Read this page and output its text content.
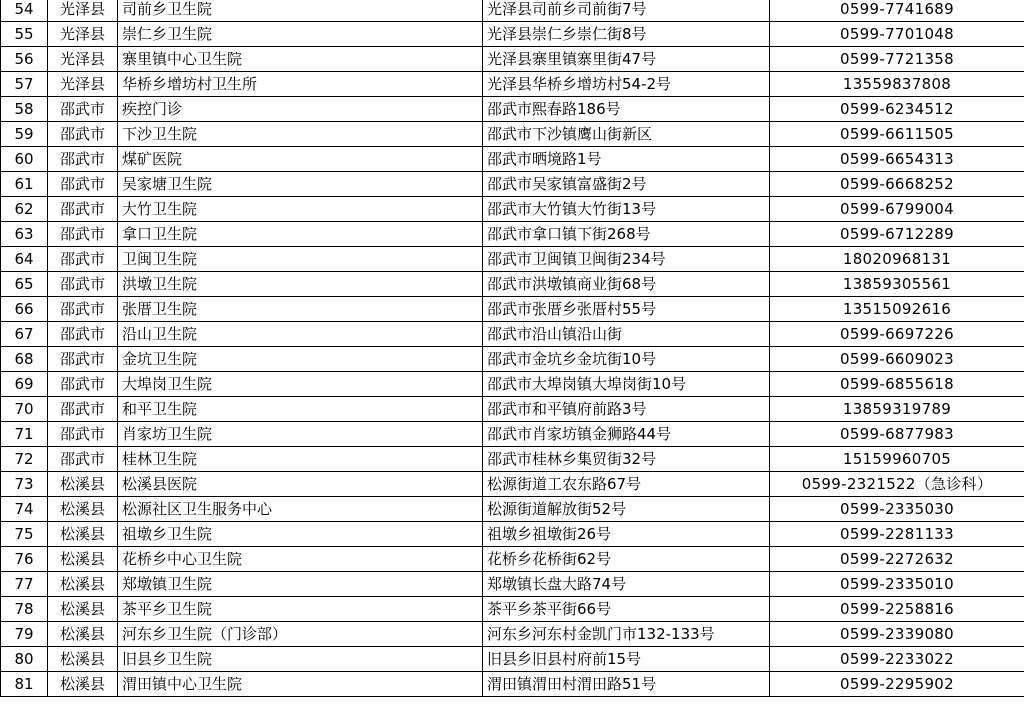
54	光泽县	司前乡卫生院	光泽县司前乡司前街7号	0599-7741689
55	光泽县	崇仁乡卫生院	光泽县崇仁乡崇仁街8号	0599-7701048
56	光泽县	寨里镇中心卫生院	光泽县寨里镇寨里街47号	0599-7721358
57	光泽县	华桥乡增坊村卫生所	光泽县华桥乡增坊村54-2号	13559837808
58	邵武市	疾控门诊	邵武市熙春路186号	0599-6234512
59	邵武市	下沙卫生院	邵武市下沙镇鹰山街新区	0599-6611505
60	邵武市	煤矿医院	邵武市晒境路1号	0599-6654313
61	邵武市	吴家塘卫生院	邵武市吴家镇富盛街2号	0599-6668252
62	邵武市	大竹卫生院	邵武市大竹镇大竹街13号	0599-6799004
63	邵武市	拿口卫生院	邵武市拿口镇下街268号	0599-6712289
64	邵武市	卫闽卫生院	邵武市卫闽镇卫闽街234号	18020968131
65	邵武市	洪墩卫生院	邵武市洪墩镇商业街68号	13859305561
66	邵武市	张厝卫生院	邵武市张厝乡张厝村55号	13515092616
67	邵武市	沿山卫生院	邵武市沿山镇沿山街	0599-6697226
68	邵武市	金坑卫生院	邵武市金坑乡金坑街10号	0599-6609023
69	邵武市	大埠岗卫生院	邵武市大埠岗镇大埠岗街10号	0599-6855618
70	邵武市	和平卫生院	邵武市和平镇府前路3号	13859319789
71	邵武市	肖家坊卫生院	邵武市肖家坊镇金狮路44号	0599-6877983
72	邵武市	桂林卫生院	邵武市桂林乡集贸街32号	15159960705
73	松溪县	松溪县医院	松源街道工农东路67号	0599-2321522（急诊科）
74	松溪县	松源社区卫生服务中心	松源街道解放街52号	0599-2335030
75	松溪县	祖墩乡卫生院	祖墩乡祖墩街26号	0599-2281133
76	松溪县	花桥乡中心卫生院	花桥乡花桥街62号	0599-2272632
77	松溪县	郑墩镇卫生院	郑墩镇长盘大路74号	0599-2335010
78	松溪县	茶平乡卫生院	茶平乡茶平街66号	0599-2258816
79	松溪县	河东乡卫生院（门诊部）	河东乡河东村金凯门市132-133号	0599-2339080
80	松溪县	旧县乡卫生院	旧县乡旧县村府前15号	0599-2233022
81	松溪县	渭田镇中心卫生院	渭田镇渭田村渭田路51号	0599-2295902
